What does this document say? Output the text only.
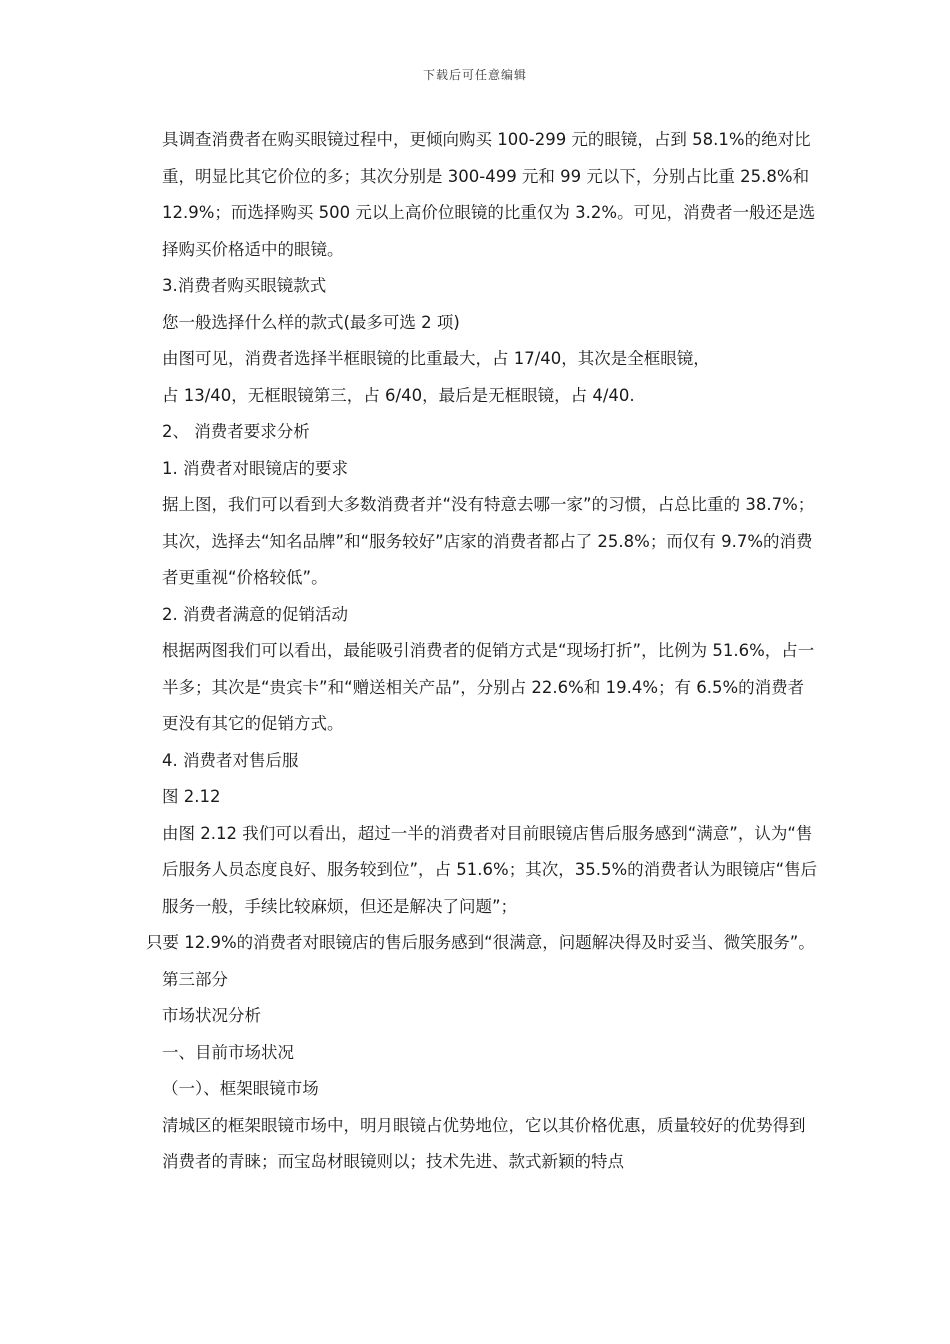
下载后可任意编辑

具调查消费者在购买眼镜过程中，更倾向购买 100-299 元的眼镜，占到 58.1%的绝对比重，明显比其它价位的多；其次分别是 300-499 元和 99 元以下，分别占比重 25.8%和 12.9%；而选择购买 500 元以上高价位眼镜的比重仅为 3.2%。可见，消费者一般还是选择购买价格适中的眼镜。

3.消费者购买眼镜款式

您一般选择什么样的款式(最多可选 2 项)

由图可见，消费者选择半框眼镜的比重最大，占 17/40，其次是全框眼镜，

占 13/40，无框眼镜第三，占 6/40，最后是无框眼镜，占 4/40.

2、 消费者要求分析

1. 消费者对眼镜店的要求

据上图，我们可以看到大多数消费者并“没有特意去哪一家”的习惯，占总比重的 38.7%；其次，选择去“知名品牌”和“服务较好”店家的消费者都占了 25.8%；而仅有 9.7%的消费者更重视“价格较低”。

2. 消费者满意的促销活动

根据两图我们可以看出，最能吸引消费者的促销方式是“现场打折”，比例为 51.6%，占一半多；其次是“贵宾卡”和“赠送相关产品”，分别占 22.6%和 19.4%；有 6.5%的消费者更没有其它的促销方式。

4. 消费者对售后服

图 2.12

由图 2.12 我们可以看出，超过一半的消费者对目前眼镜店售后服务感到“满意”，认为“售后服务人员态度良好、服务较到位”，占 51.6%；其次，35.5%的消费者认为眼镜店“售后服务一般，手续比较麻烦，但还是解决了问题”；

只要 12.9%的消费者对眼镜店的售后服务感到“很满意，问题解决得及时妥当、微笑服务”。

第三部分

市场状况分析

一、目前市场状况

（一）、框架眼镜市场

清城区的框架眼镜市场中，明月眼镜占优势地位，它以其价格优惠，质量较好的优势得到消费者的青睐；而宝岛材眼镜则以；技术先进、款式新颖的特点
